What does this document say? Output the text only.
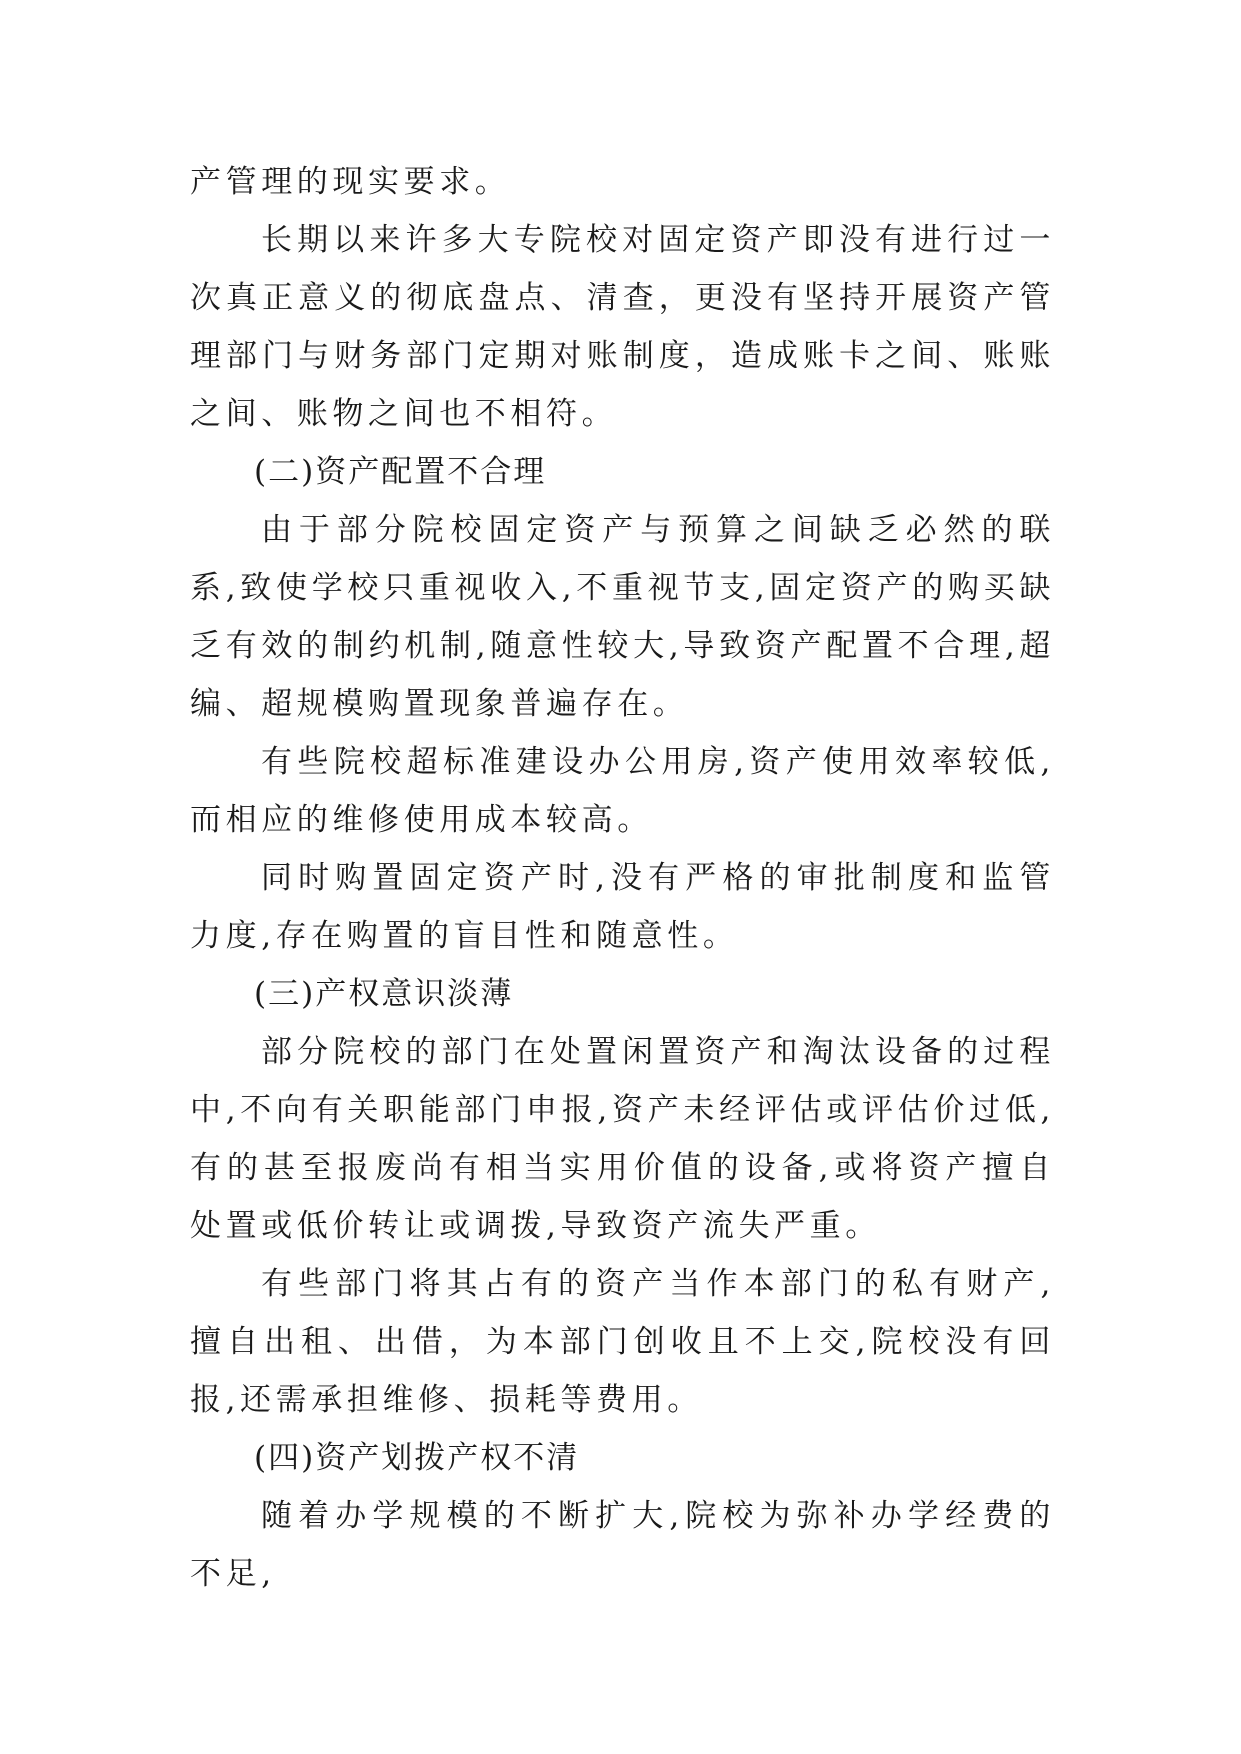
产管理的现实要求。

长期以来许多大专院校对固定资产即没有进行过一次真正意义的彻底盘点、清查，更没有坚持开展资产管理部门与财务部门定期对账制度，造成账卡之间、账账之间、账物之间也不相符。

(二)资产配置不合理

由于部分院校固定资产与预算之间缺乏必然的联系,致使学校只重视收入,不重视节支,固定资产的购买缺乏有效的制约机制,随意性较大,导致资产配置不合理,超编、超规模购置现象普遍存在。

有些院校超标准建设办公用房,资产使用效率较低,而相应的维修使用成本较高。

同时购置固定资产时,没有严格的审批制度和监管力度,存在购置的盲目性和随意性。

(三)产权意识淡薄

部分院校的部门在处置闲置资产和淘汰设备的过程中,不向有关职能部门申报,资产未经评估或评估价过低,有的甚至报废尚有相当实用价值的设备,或将资产擅自处置或低价转让或调拨,导致资产流失严重。

有些部门将其占有的资产当作本部门的私有财产,擅自出租、出借，为本部门创收且不上交,院校没有回报,还需承担维修、损耗等费用。

(四)资产划拨产权不清

随着办学规模的不断扩大,院校为弥补办学经费的不足,
